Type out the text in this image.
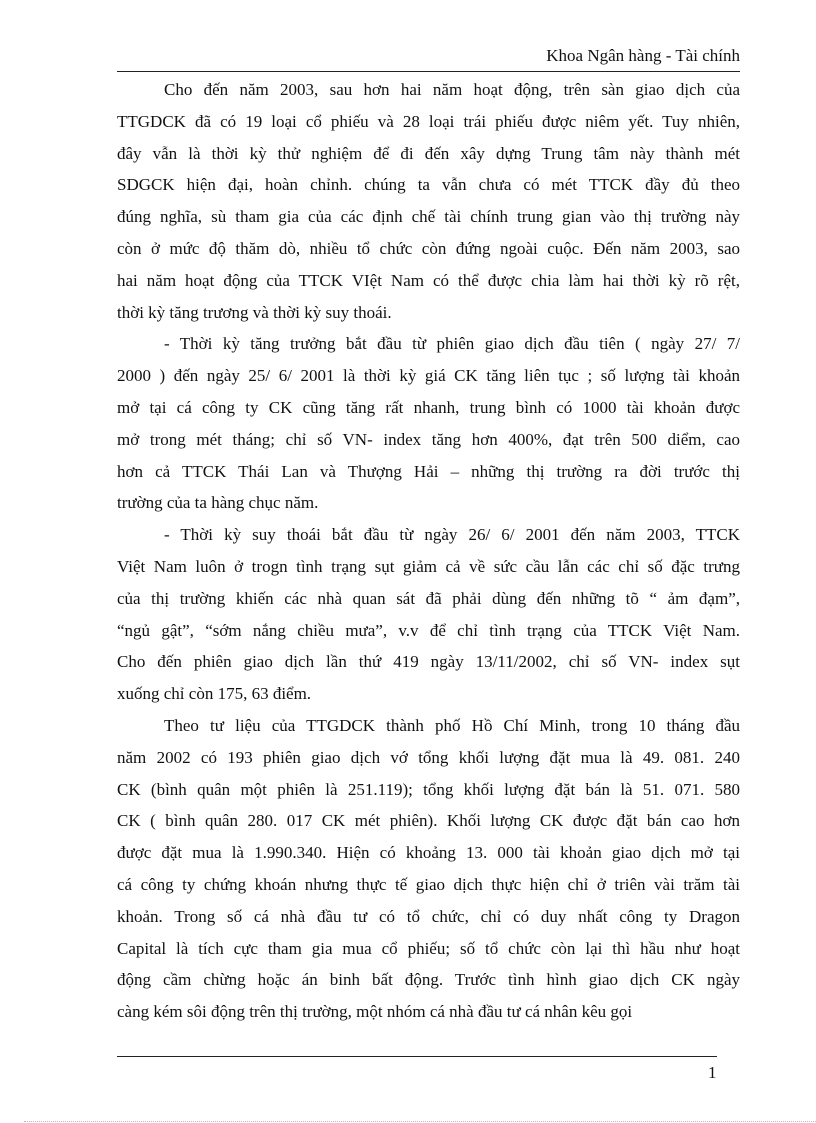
Khoa Ngân hàng - Tài chính

Cho đến năm 2003, sau hơn hai năm hoạt động, trên sàn giao dịch của
TTGDCK đã có 19 loại cổ phiếu và 28 loại trái phiếu được niêm yết. Tuy nhiên,
đây vẫn là thời kỳ thử nghiệm để đi đến xây dựng Trung tâm này thành mét
SDGCK hiện đại, hoàn chỉnh. chúng ta vẫn chưa có mét TTCK đầy đủ theo
đúng nghĩa, sù tham gia của các định chế tài chính trung gian vào thị trường này
còn ở mức độ thăm dò, nhiều tổ chức còn đứng ngoài cuộc. Đến năm 2003, sao
hai năm hoạt động của TTCK VIệt Nam có thể được chia làm hai thời kỳ rõ rệt,
thời kỳ tăng trương và thời kỳ suy thoái.

- Thời kỳ tăng trưởng bắt đầu từ phiên giao dịch đầu tiên ( ngày 27/ 7/
2000 ) đến ngày 25/ 6/ 2001 là thời kỳ giá CK tăng liên tục ; số lượng tài khoản
mở tại cá công ty CK cũng tăng rất nhanh, trung bình có 1000 tài khoản được
mở trong mét tháng; chỉ số VN- index tăng hơn 400%, đạt trên 500 diểm, cao
hơn cả TTCK Thái Lan và Thượng Hải – những thị trường ra đời trước thị
trường của ta hàng chục năm.

- Thời kỳ suy thoái bắt đầu từ ngày 26/ 6/ 2001 đến năm 2003, TTCK
Việt Nam luôn ở trogn tình trạng sụt giảm cả về sức cầu lẫn các chỉ số đặc trưng
của thị trường khiến các nhà quan sát đã phải dùng đến những tõ “ ảm đạm”,
“ngủ gật”, “sớm nắng chiều mưa”, v.v để chỉ tình trạng của TTCK Việt Nam.
Cho đến phiên giao dịch lần thứ 419 ngày 13/11/2002, chỉ số VN- index sụt
xuống chỉ còn 175, 63 điểm.

Theo tư liệu của TTGDCK thành phố Hồ Chí Minh, trong 10 tháng đầu
năm 2002 có 193 phiên giao dịch vớ tổng khối lượng đặt mua là 49. 081. 240
CK (bình quân một phiên là 251.119); tổng khối lượng đặt bán là 51. 071. 580
CK ( bình quân 280. 017 CK mét phiên). Khối lượng CK được đặt bán cao hơn
được đặt mua là 1.990.340. Hiện có khoảng 13. 000 tài khoản giao dịch mở tại
cá công ty chứng khoán nhưng thực tế giao dịch thực hiện chỉ ở triên vài trăm tài
khoản. Trong số cá nhà đầu tư có tổ chức, chỉ có duy nhất công ty Dragon
Capital là tích cực tham gia mua cổ phiếu; số tổ chức còn lại thì hầu như hoạt
động cầm chừng hoặc án binh bất động. Trước tình hình giao dịch CK ngày
càng kém sôi động trên thị trường, một nhóm cá nhà đầu tư cá nhân kêu gọi

1
